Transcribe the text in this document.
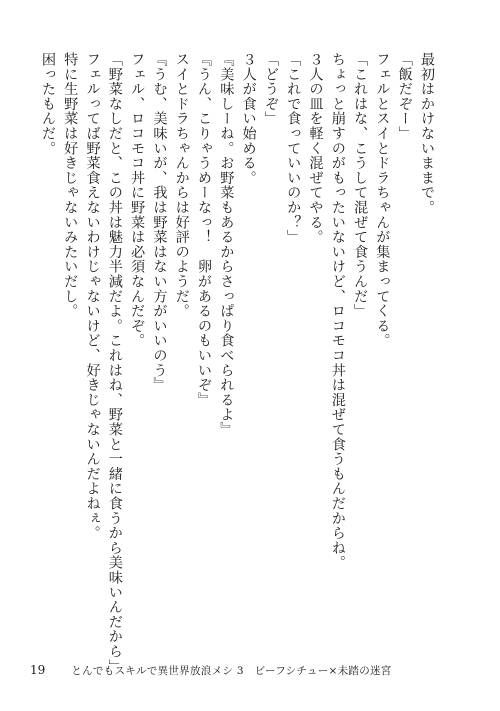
最初はかけないままで。
「飯だぞー」
フェルとスイとドラちゃんが集まってくる。
「これはな、こうして混ぜて食うんだ」
ちょっと崩すのがもったいないけど、ロコモコ丼は混ぜて食うもんだからね。
３人の皿を軽く混ぜてやる。
「これで食っていいのか？」
「どうぞ」
３人が食い始める。
『美味しーね。お野菜もあるからさっぱり食べられるよ』
『うん、こりゃうめーなっ！　卵があるのもいいぞ』
スイとドラちゃんからは好評のようだ。
『うむ、美味いが、我は野菜はない方がいいのう』
フェル、ロコモコ丼に野菜は必須なんだぞ。
「野菜なしだと、この丼は魅力半減だよ。これはね、野菜と一緒に食うから美味いんだから」
フェルってば野菜食えないわけじゃないけど、好きじゃないんだよねぇ。
特に生野菜は好きじゃないみたいだし。
困ったもんだ。
19 とんでもスキルで異世界放浪メシ 3　ビーフシチュー×未踏の迷宮
